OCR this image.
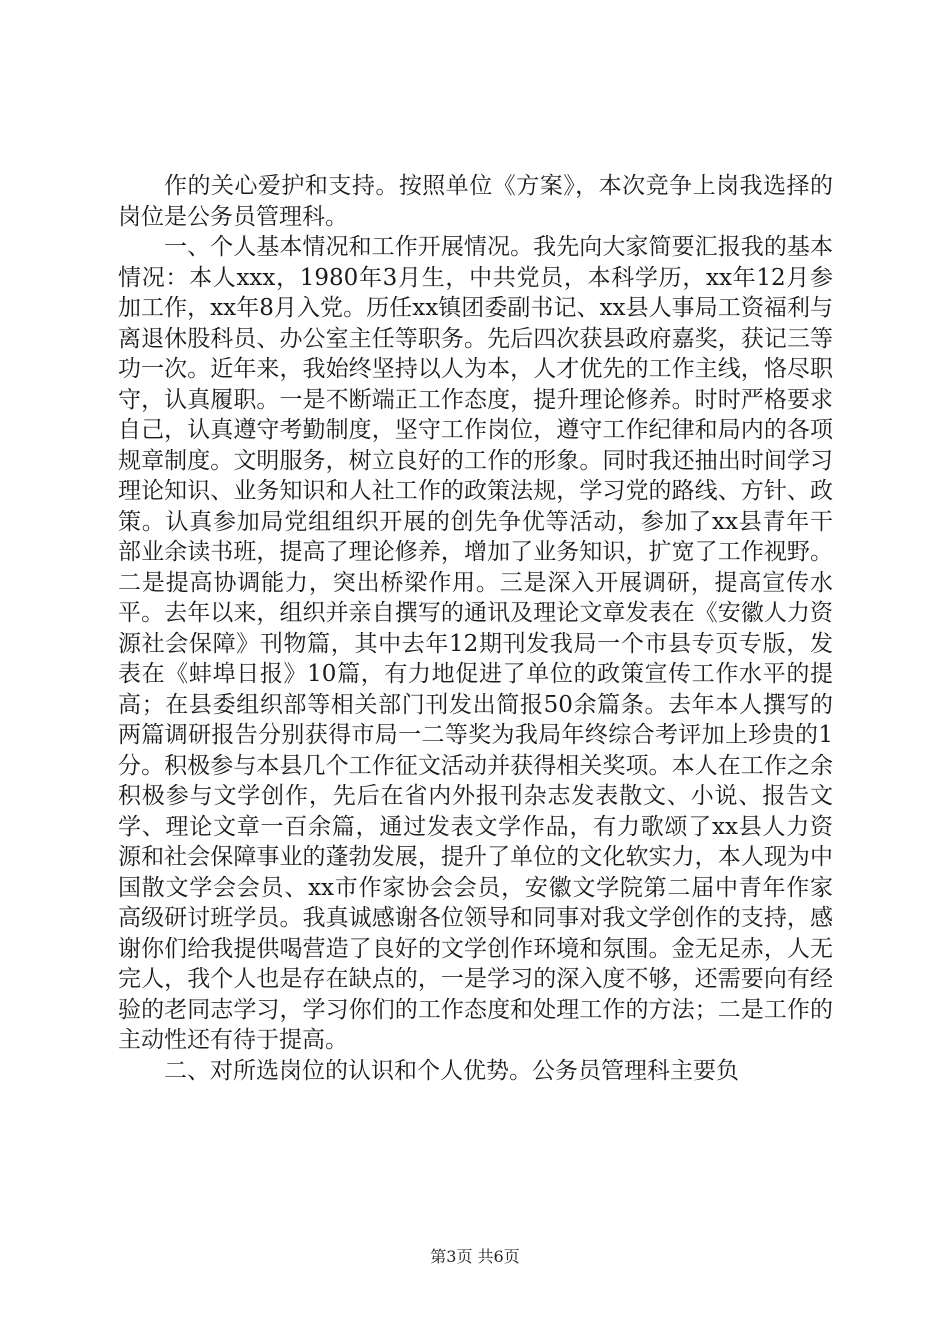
作的关心爱护和支持。按照单位《方案》，本次竞争上岗我选择的岗位是公务员管理科。

一、个人基本情况和工作开展情况。我先向大家简要汇报我的基本情况：本人xxx，1980年3月生，中共党员，本科学历，xx年12月参加工作，xx年8月入党。历任xx镇团委副书记、xx县人事局工资福利与离退休股科员、办公室主任等职务。先后四次获县政府嘉奖，获记三等功一次。近年来，我始终坚持以人为本，人才优先的工作主线，恪尽职守，认真履职。一是不断端正工作态度，提升理论修养。时时严格要求自己，认真遵守考勤制度，坚守工作岗位，遵守工作纪律和局内的各项规章制度。文明服务，树立良好的工作的形象。同时我还抽出时间学习理论知识、业务知识和人社工作的政策法规，学习党的路线、方针、政策。认真参加局党组组织开展的创先争优等活动，参加了xx县青年干部业余读书班，提高了理论修养，增加了业务知识，扩宽了工作视野。二是提高协调能力，突出桥梁作用。三是深入开展调研，提高宣传水平。去年以来，组织并亲自撰写的通讯及理论文章发表在《安徽人力资源社会保障》刊物篇，其中去年12期刊发我局一个市县专页专版，发表在《蚌埠日报》10篇，有力地促进了单位的政策宣传工作水平的提高；在县委组织部等相关部门刊发出简报50余篇条。去年本人撰写的两篇调研报告分别获得市局一二等奖为我局年终综合考评加上珍贵的1分。积极参与本县几个工作征文活动并获得相关奖项。本人在工作之余积极参与文学创作，先后在省内外报刊杂志发表散文、小说、报告文学、理论文章一百余篇，通过发表文学作品，有力歌颂了xx县人力资源和社会保障事业的蓬勃发展，提升了单位的文化软实力，本人现为中国散文学会会员、xx市作家协会会员，安徽文学院第二届中青年作家高级研讨班学员。我真诚感谢各位领导和同事对我文学创作的支持，感谢你们给我提供喝营造了良好的文学创作环境和氛围。金无足赤，人无完人，我个人也是存在缺点的，一是学习的深入度不够，还需要向有经验的老同志学习，学习你们的工作态度和处理工作的方法；二是工作的主动性还有待于提高。

二、对所选岗位的认识和个人优势。公务员管理科主要负

第3页 共6页
